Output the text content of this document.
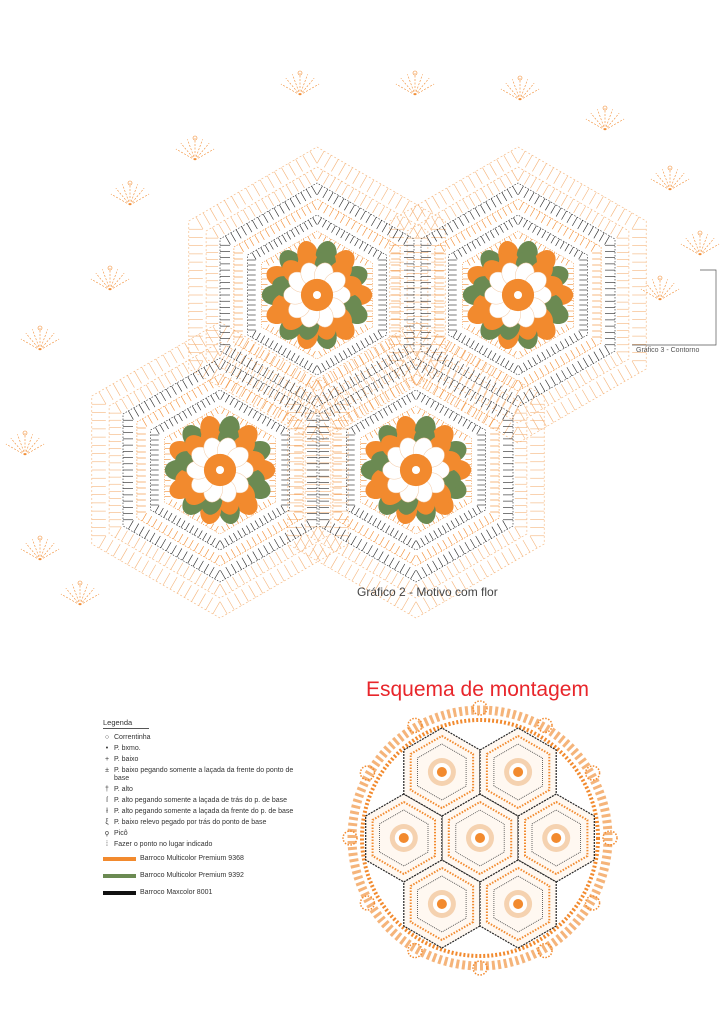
Gráfico 2 - Motivo com flor
Gráfico 3 - Contorno
Esquema de montagem
Legenda
○ Correntinha
• P. bxmo.
+ P. baixo
± P. baixo pegando somente a laçada da frente do ponto de base
† P. alto
ſ P. alto pegando somente a laçada de trás do p. de base
ł P. alto pegando somente a laçada da frente do p. de base
ξ P. baixo relevo pegado por trás do ponto de base
ϙ Picô
⁞ Fazer o ponto no lugar indicado
Barroco Multicolor Premium 9368
Barroco Multicolor Premium 9392
Barroco Maxcolor 8001
